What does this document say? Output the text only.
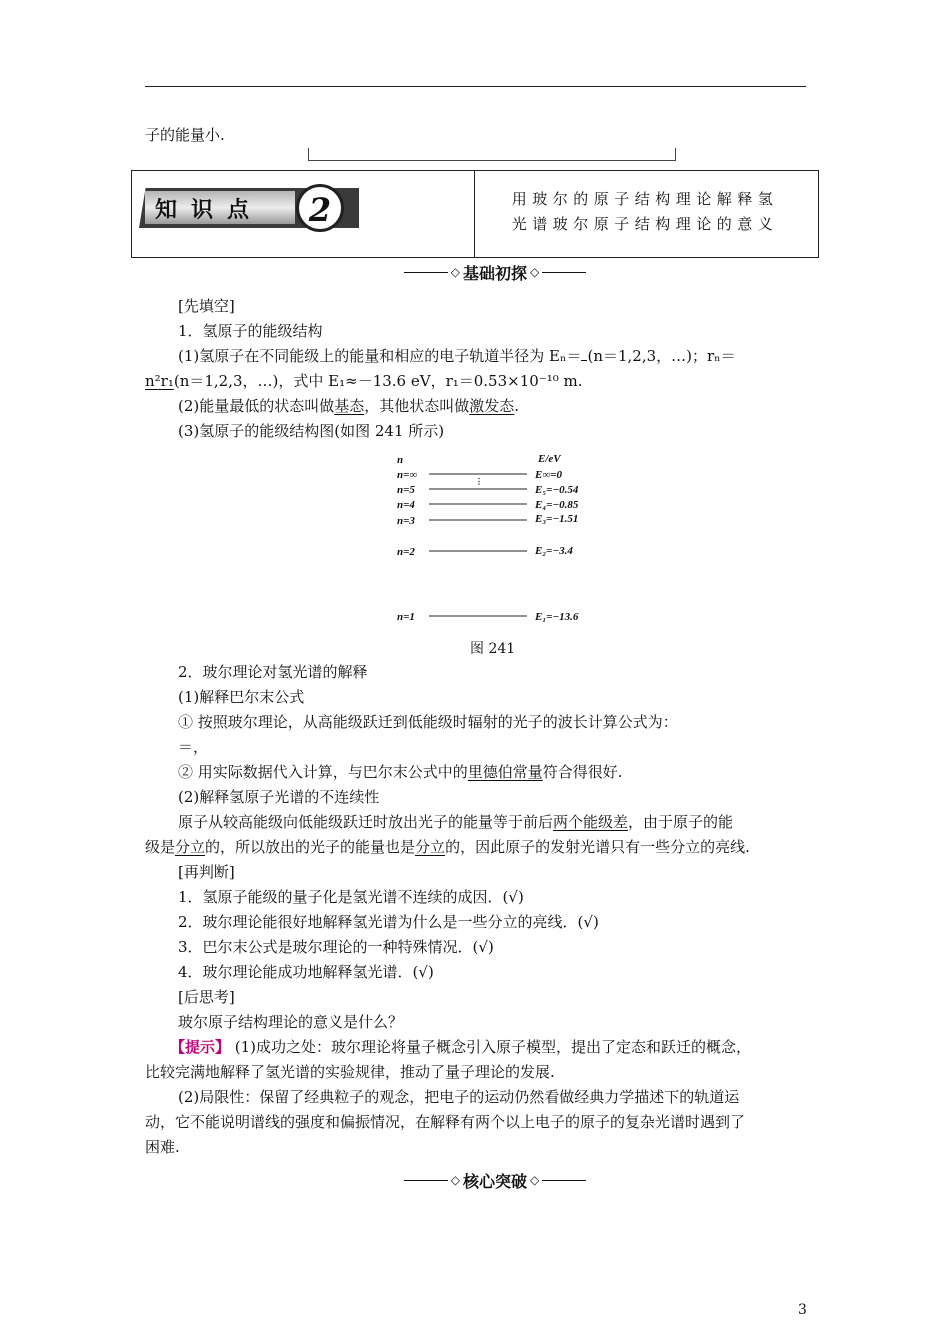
子的能量小.
知识点	2	用玻尔的原子结构理论解释氢
光谱玻尔原子结构理论的意义
◇ 基础初探 ◇
[先填空]
1．氢原子的能级结构
(1)氢原子在不同能级上的能量和相应的电子轨道半径为 Eₙ＝ (n＝1,2,3，…)；rₙ＝
n²r₁(n＝1,2,3，…)，式中 E₁≈－13.6 eV，r₁＝0.53×10⁻¹⁰ m.
(2)能量最低的状态叫做基态，其他状态叫做激发态.
(3)氢原子的能级结构图(如图 241 所示)
n	E/eV
n=∞	E∞=0
⋮
n=5	E₅=−0.54
n=4	E₄=−0.85
n=3	E₃=−1.51
n=2	E₂=−3.4
n=1	E₁=−13.6
图 241
2．玻尔理论对氢光谱的解释
(1)解释巴尔末公式
① 按照玻尔理论，从高能级跃迁到低能级时辐射的光子的波长计算公式为：
＝，
② 用实际数据代入计算，与巴尔末公式中的里德伯常量符合得很好.
(2)解释氢原子光谱的不连续性
原子从较高能级向低能级跃迁时放出光子的能量等于前后两个能级差，由于原子的能
级是分立的，所以放出的光子的能量也是分立的，因此原子的发射光谱只有一些分立的亮线.
[再判断]
1．氢原子能级的量子化是氢光谱不连续的成因．(√)
2．玻尔理论能很好地解释氢光谱为什么是一些分立的亮线．(√)
3．巴尔末公式是玻尔理论的一种特殊情况．(√)
4．玻尔理论能成功地解释氢光谱．(√)
[后思考]
玻尔原子结构理论的意义是什么？
【提示】 (1)成功之处：玻尔理论将量子概念引入原子模型，提出了定态和跃迁的概念，
比较完满地解释了氢光谱的实验规律，推动了量子理论的发展.
(2)局限性：保留了经典粒子的观念，把电子的运动仍然看做经典力学描述下的轨道运
动，它不能说明谱线的强度和偏振情况，在解释有两个以上电子的原子的复杂光谱时遇到了
困难.
◇ 核心突破 ◇
3
